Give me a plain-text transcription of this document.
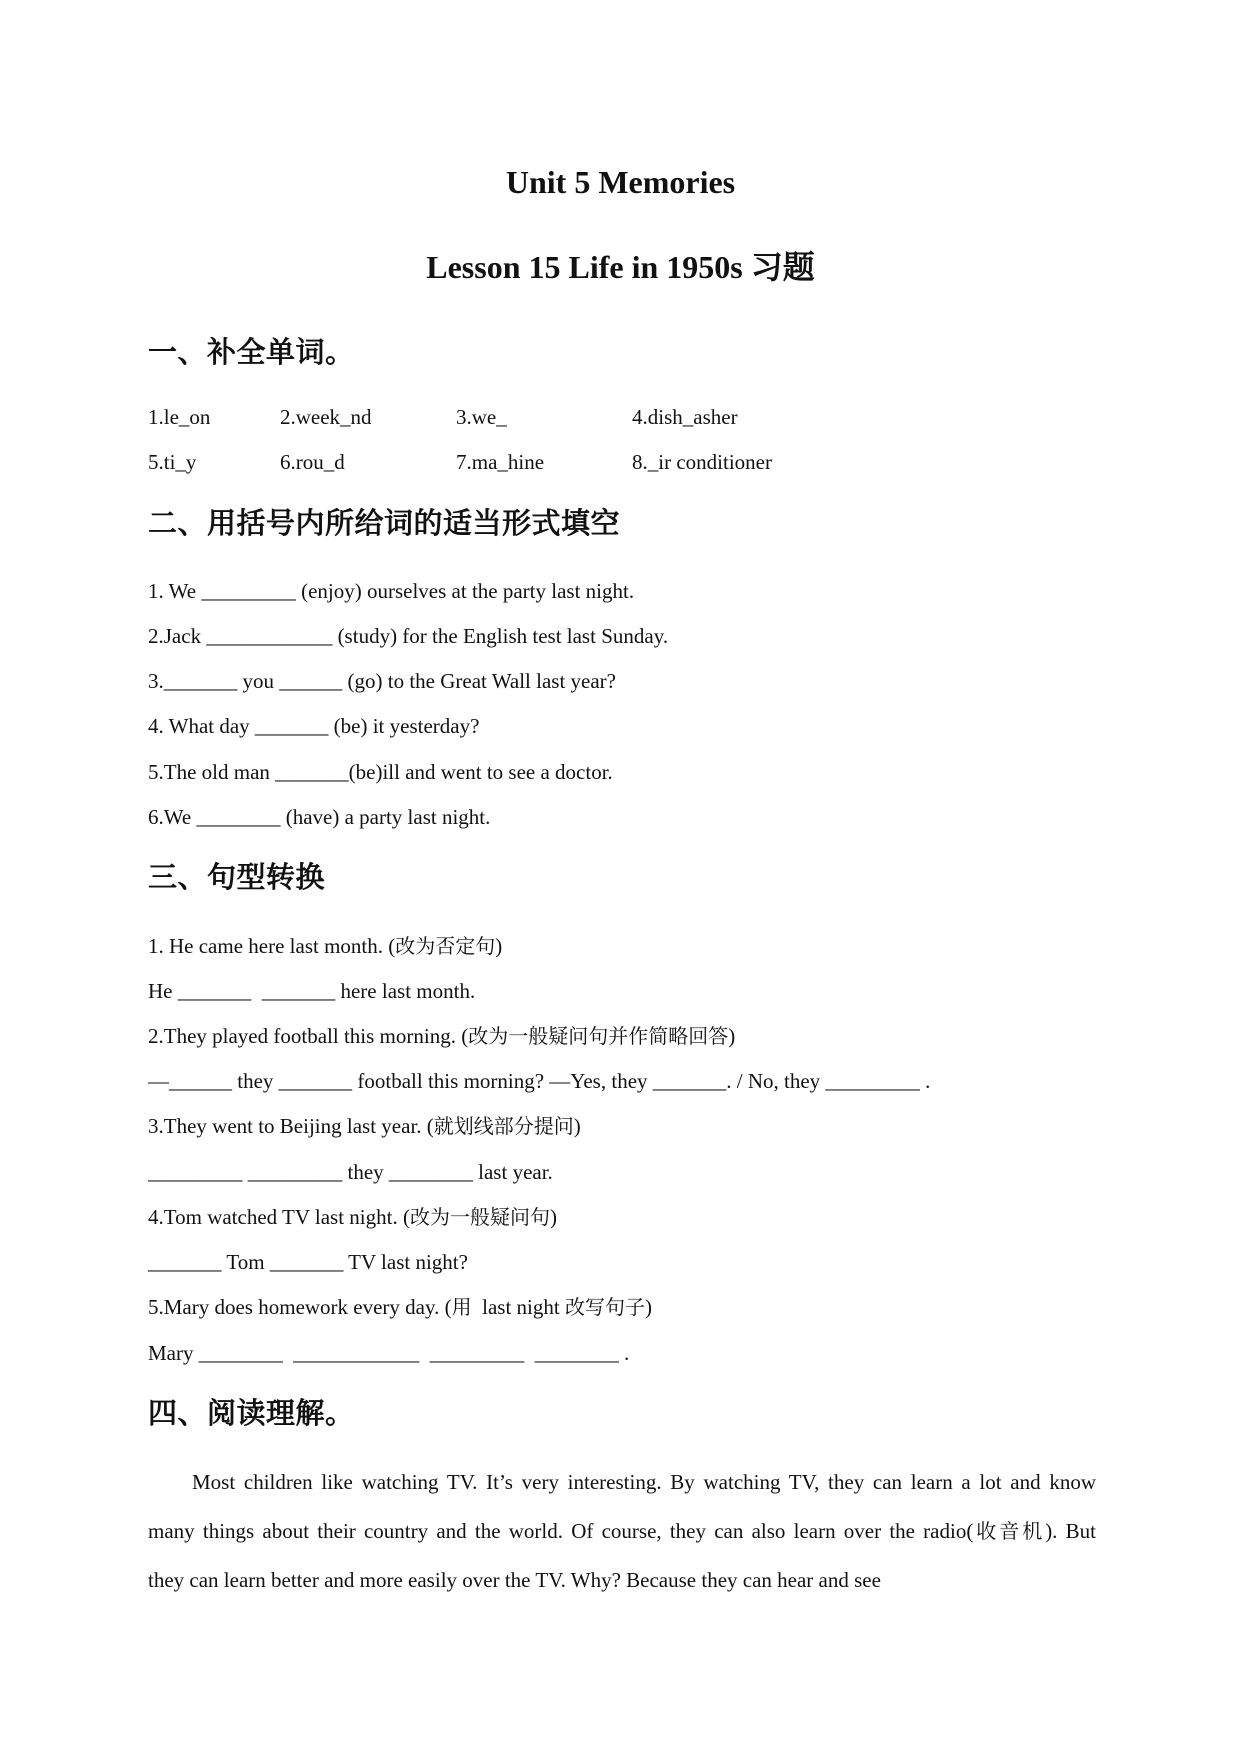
Unit 5 Memories
Lesson 15 Life in 1950s 习题
一、补全单词。
1.le_on	2.week_nd	3.we_	4.dish_asher
5.ti_y	6.rou_d	7.ma_hine	8._ir conditioner
二、用括号内所给词的适当形式填空
1. We _________ (enjoy) ourselves at the party last night.
2.Jack ____________ (study) for the English test last Sunday.
3._______ you ______ (go) to the Great Wall last year?
4. What day _______ (be) it yesterday?
5.The old man _______(be)ill and went to see a doctor.
6.We ________ (have) a party last night.
三、句型转换
1. He came here last month. (改为否定句)
He _______  _______ here last month.
2.They played football this morning. (改为一般疑问句并作简略回答)
—______ they _______ football this morning? —Yes, they _______. / No, they _________ .
3.They went to Beijing last year. (就划线部分提问)
_________ _________ they ________ last year.
4.Tom watched TV last night. (改为一般疑问句)
_______ Tom _______ TV last night?
5.Mary does homework every day. (用  last night 改写句子)
Mary ________  ____________  _________  ________ .
四、阅读理解。
Most children like watching TV. It’s very interesting. By watching TV, they can learn a lot and know
many things about their country and the world. Of course, they can also learn over the radio(收音机). But
they can learn better and more easily over the TV. Why? Because they can hear and see
